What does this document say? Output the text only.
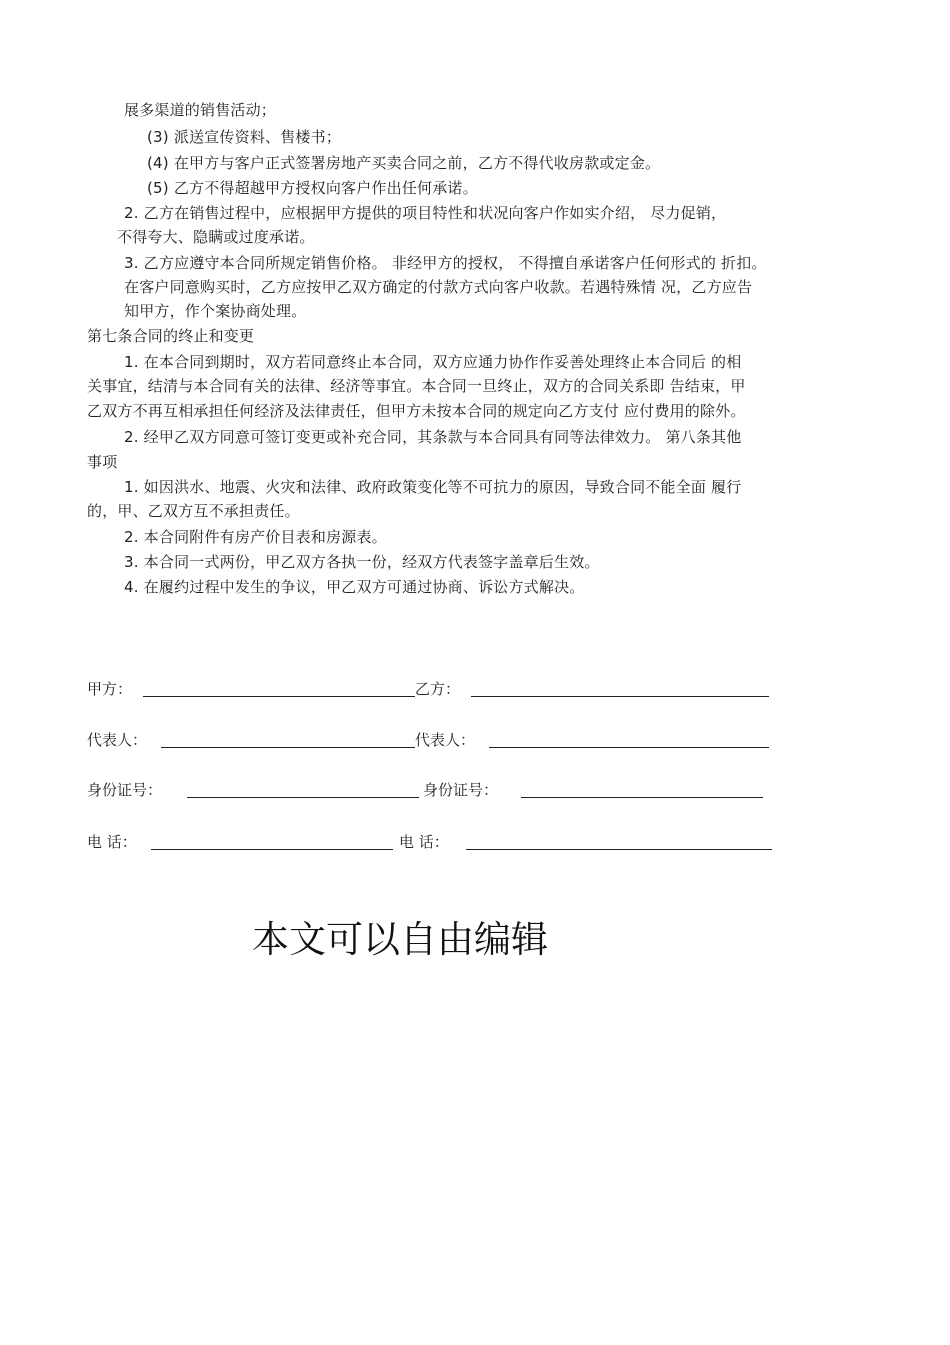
展多渠道的销售活动；
(3) 派送宣传资料、售楼书；
(4) 在甲方与客户正式签署房地产买卖合同之前，乙方不得代收房款或定金。
(5) 乙方不得超越甲方授权向客户作出任何承诺。
2. 乙方在销售过程中，应根据甲方提供的项目特性和状况向客户作如实介绍， 尽力促销，
不得夸大、隐瞒或过度承诺。
3. 乙方应遵守本合同所规定销售价格。 非经甲方的授权， 不得擅自承诺客户任何形式的 折扣。
在客户同意购买时，乙方应按甲乙双方确定的付款方式向客户收款。若遇特殊情 况，乙方应告
知甲方，作个案协商处理。
第七条合同的终止和变更
1. 在本合同到期时，双方若同意终止本合同，双方应通力协作作妥善处理终止本合同后 的相
关事宜，结清与本合同有关的法律、经济等事宜。本合同一旦终止，双方的合同关系即 告结束，甲
乙双方不再互相承担任何经济及法律责任，但甲方未按本合同的规定向乙方支付 应付费用的除外。
2. 经甲乙双方同意可签订变更或补充合同，其条款与本合同具有同等法律效力。 第八条其他
事项
1. 如因洪水、地震、火灾和法律、政府政策变化等不可抗力的原因，导致合同不能全面 履行
的，甲、乙双方互不承担责任。
2. 本合同附件有房产价目表和房源表。
3. 本合同一式两份，甲乙双方各执一份，经双方代表签字盖章后生效。
4. 在履约过程中发生的争议，甲乙双方可通过协商、诉讼方式解决。
甲方：	乙方：
代表人：	代表人：
身份证号：	身份证号：
电 话：	电 话：
本文可以自由编辑
